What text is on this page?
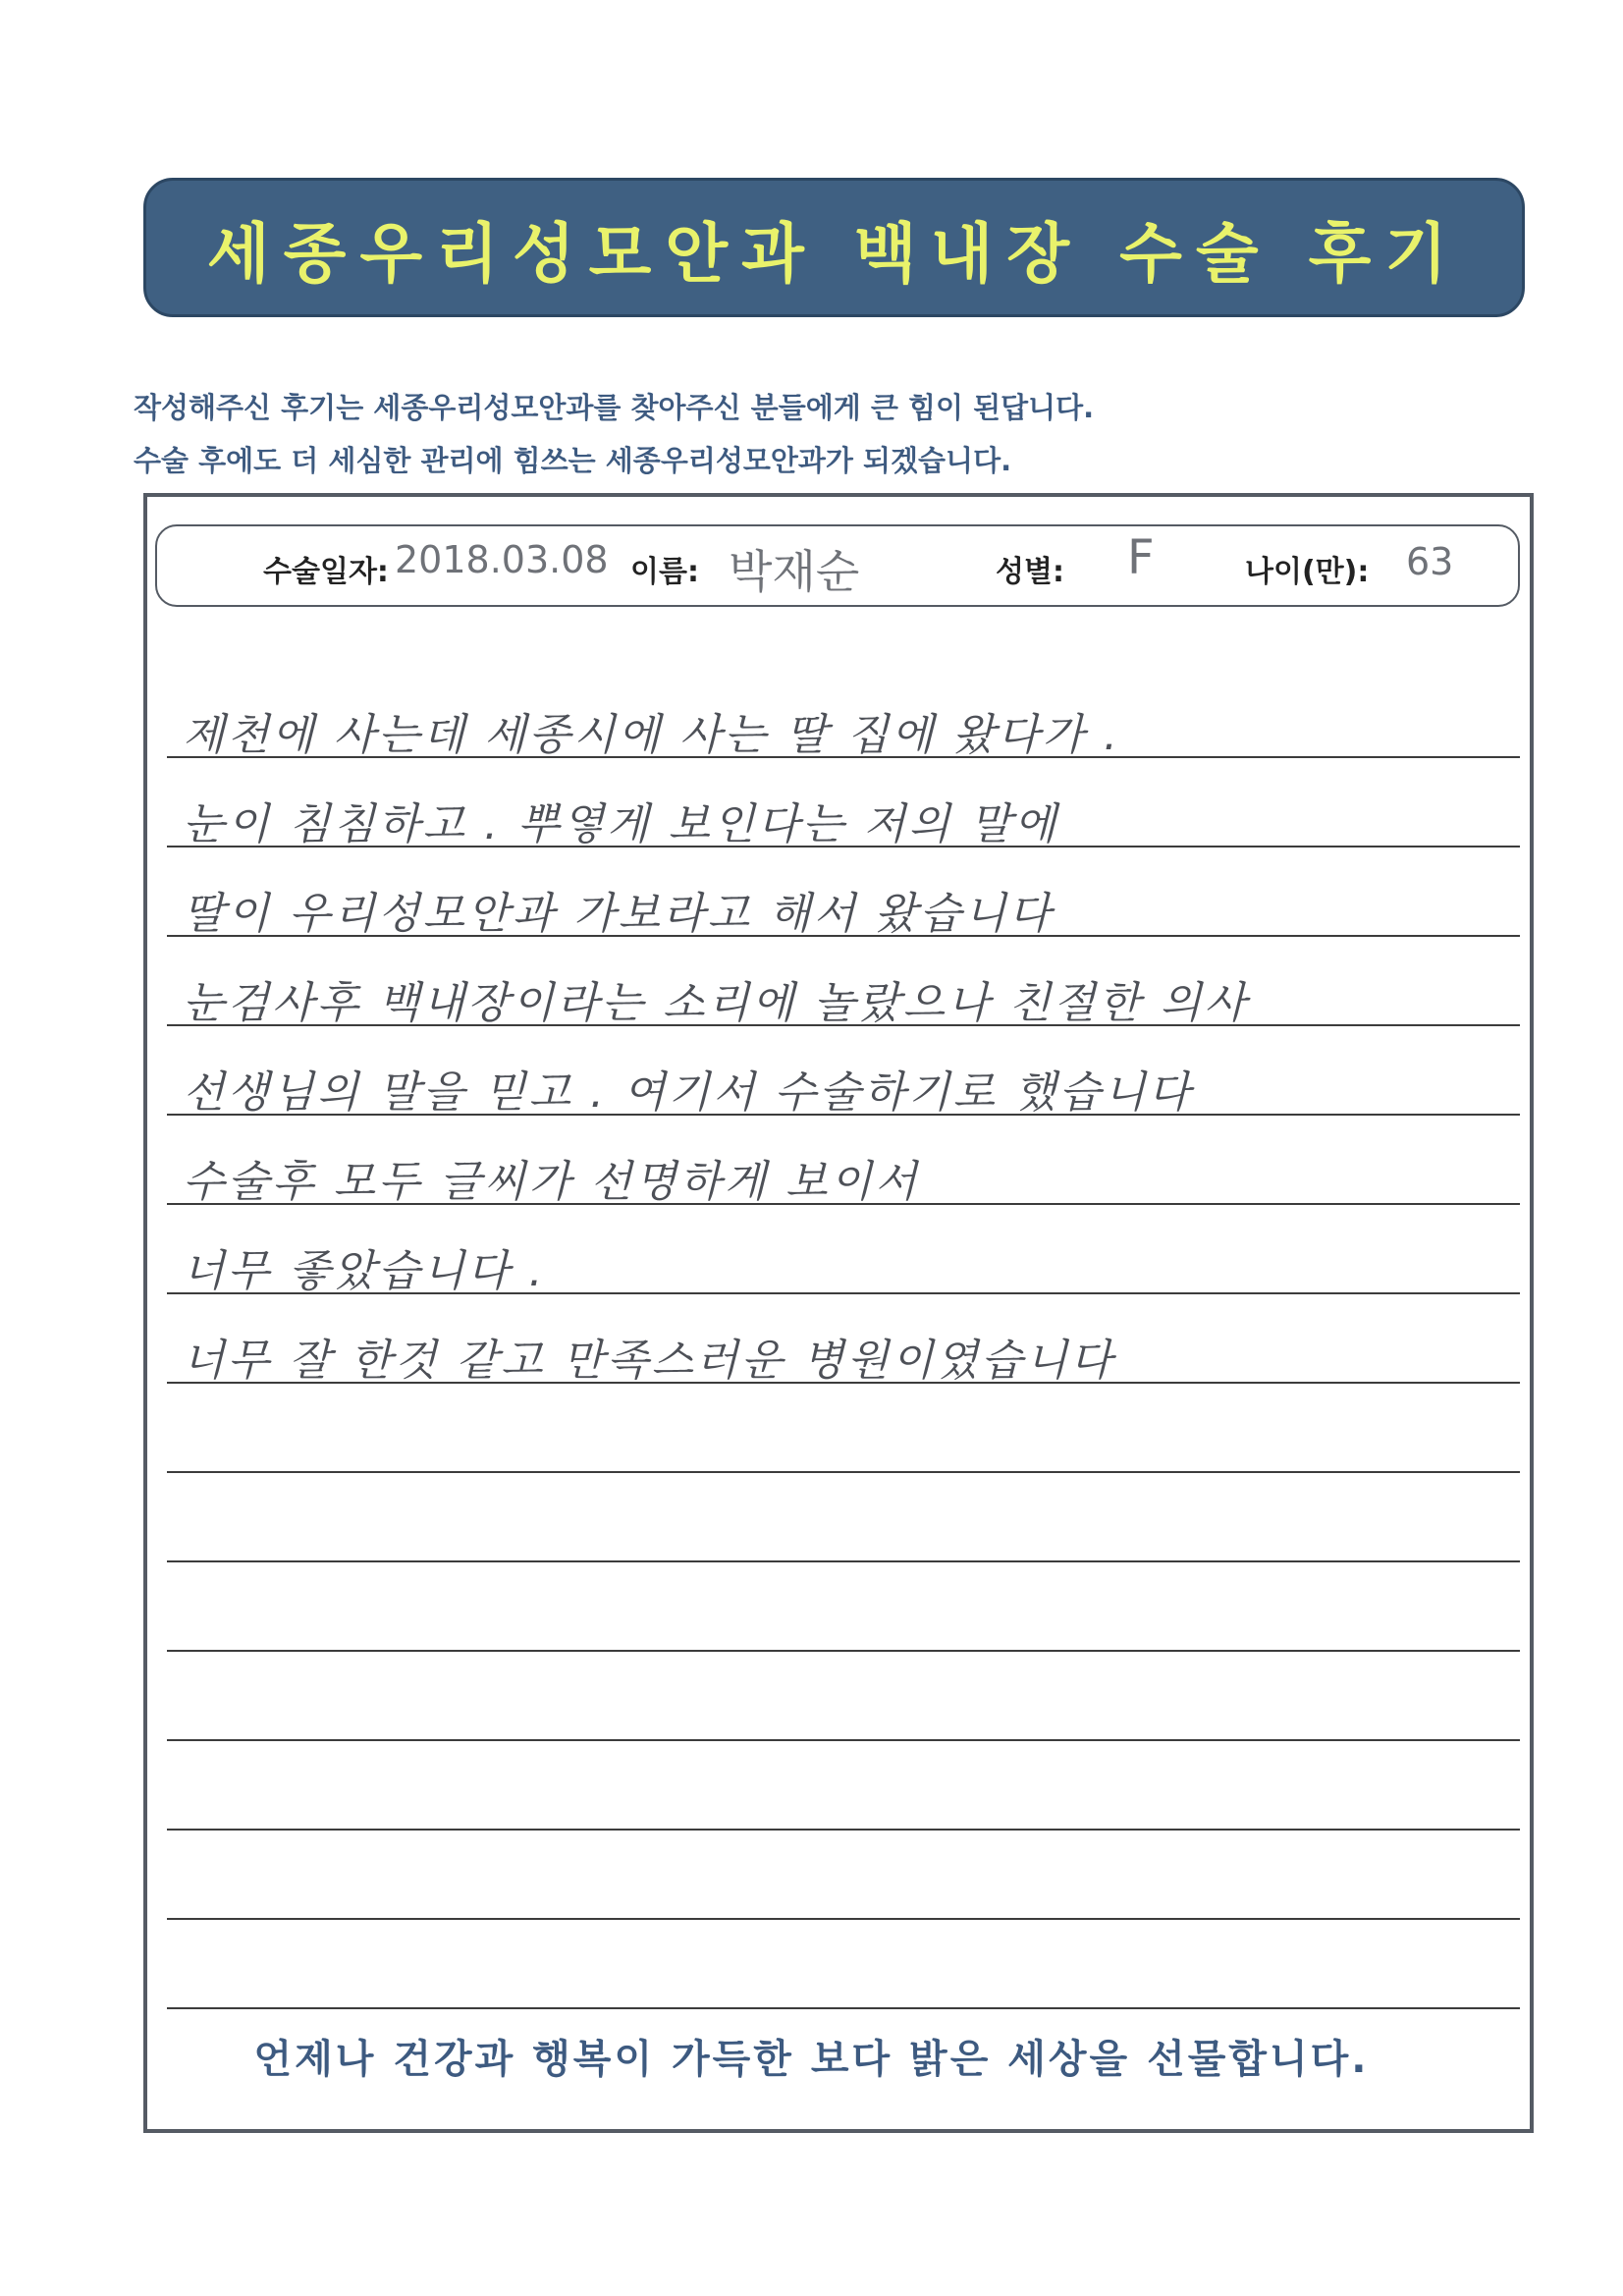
세종우리성모안과 백내장 수술 후기
작성해주신 후기는 세종우리성모안과를 찾아주신 분들에게 큰 힘이 된답니다.
수술 후에도 더 세심한 관리에 힘쓰는 세종우리성모안과가 되겠습니다.
수술일자: 2018.03.08 이름: 박재순	성별: F	나이(만): 63
제천에 사는데 세종시에 사는 딸 집에 왔다가 .
눈이 침침하고 . 뿌옇게 보인다는 저의 말에
딸이 우리성모안과 가보라고 해서 왔습니다
눈검사후 백내장이라는 소리에 놀랐으나 친절한 의사
선생님의 말을 믿고 . 여기서 수술하기로 했습니다
수술후 모두 글씨가 선명하게 보이서
너무 좋았습니다 .
너무 잘 한것 같고 만족스러운 병원이였습니다
언제나 건강과 행복이 가득한 보다 밝은 세상을 선물합니다.
